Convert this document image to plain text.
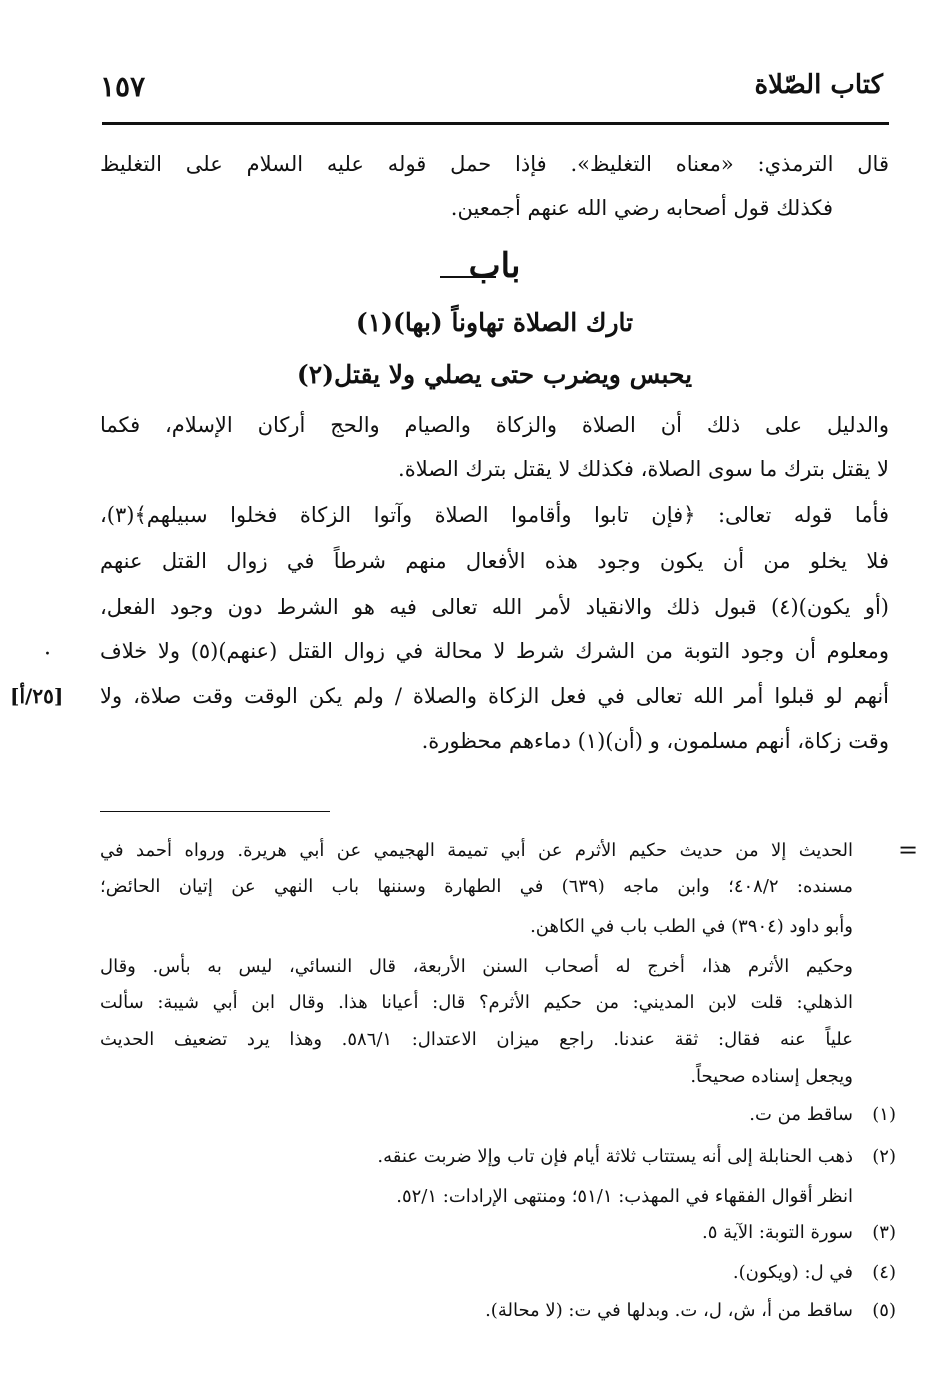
كتاب الصّلاة
١٥٧
قال الترمذي: «معناه التغليظ». فإذا حمل قوله عليه السلام على التغليظ
فكذلك قول أصحابه رضي الله عنهم أجمعين.
باب
تارك الصلاة تهاوناً (بها)(١)
يحبس ويضرب حتى يصلي ولا يقتل(٢)
والدليل على ذلك أن الصلاة والزكاة والصيام والحج أركان الإسلام، فكما
لا يقتل بترك ما سوى الصلاة، فكذلك لا يقتل بترك الصلاة.
فأما قوله تعالى: ﴿فإن تابوا وأقاموا الصلاة وآتوا الزكاة فخلوا سبيلهم﴾(٣)،
فلا يخلو من أن يكون وجود هذه الأفعال منهم شرطاً في زوال القتل عنهم
(أو يكون)(٤) قبول ذلك والانقياد لأمر الله تعالى فيه هو الشرط دون وجود الفعل،
ومعلوم أن وجود التوبة من الشرك شرط لا محالة في زوال القتل (عنهم)(٥) ولا خلاف
أنهم لو قبلوا أمر الله تعالى في فعل الزكاة والصلاة / ولم يكن الوقت وقت صلاة، ولا
وقت زكاة، أنهم مسلمون، و (أن)(١) دماءهم محظورة.
[٢٥/أ]
·
=
الحديث إلا من حديث حكيم الأثرم عن أبي تميمة الهجيمي عن أبي هريرة. ورواه أحمد في
مسنده: ٤٠٨/٢؛ وابن ماجه (٦٣٩) في الطهارة وسننها باب النهي عن إتيان الحائض؛
وأبو داود (٣٩٠٤) في الطب باب في الكاهن.
وحكيم الأثرم هذا، أخرج له أصحاب السنن الأربعة، قال النسائي، ليس به بأس. وقال
الذهلي: قلت لابن المديني: من حكيم الأثرم؟ قال: أعيانا هذا. وقال ابن أبي شيبة: سألت
علياً عنه فقال: ثقة عندنا. راجع ميزان الاعتدال: ٥٨٦/١. وهذا يرد تضعيف الحديث
ويجعل إسناده صحيحاً.
(١)
ساقط من ت.
(٢)
ذهب الحنابلة إلى أنه يستتاب ثلاثة أيام فإن تاب وإلا ضربت عنقه.
انظر أقوال الفقهاء في المهذب: ٥١/١؛ ومنتهى الإرادات: ٥٢/١.
(٣)
سورة التوبة: الآية ٥.
(٤)
في ل: (ويكون).
(٥)
ساقط من أ، ش، ل، ت. وبدلها في ت: (لا محالة).
